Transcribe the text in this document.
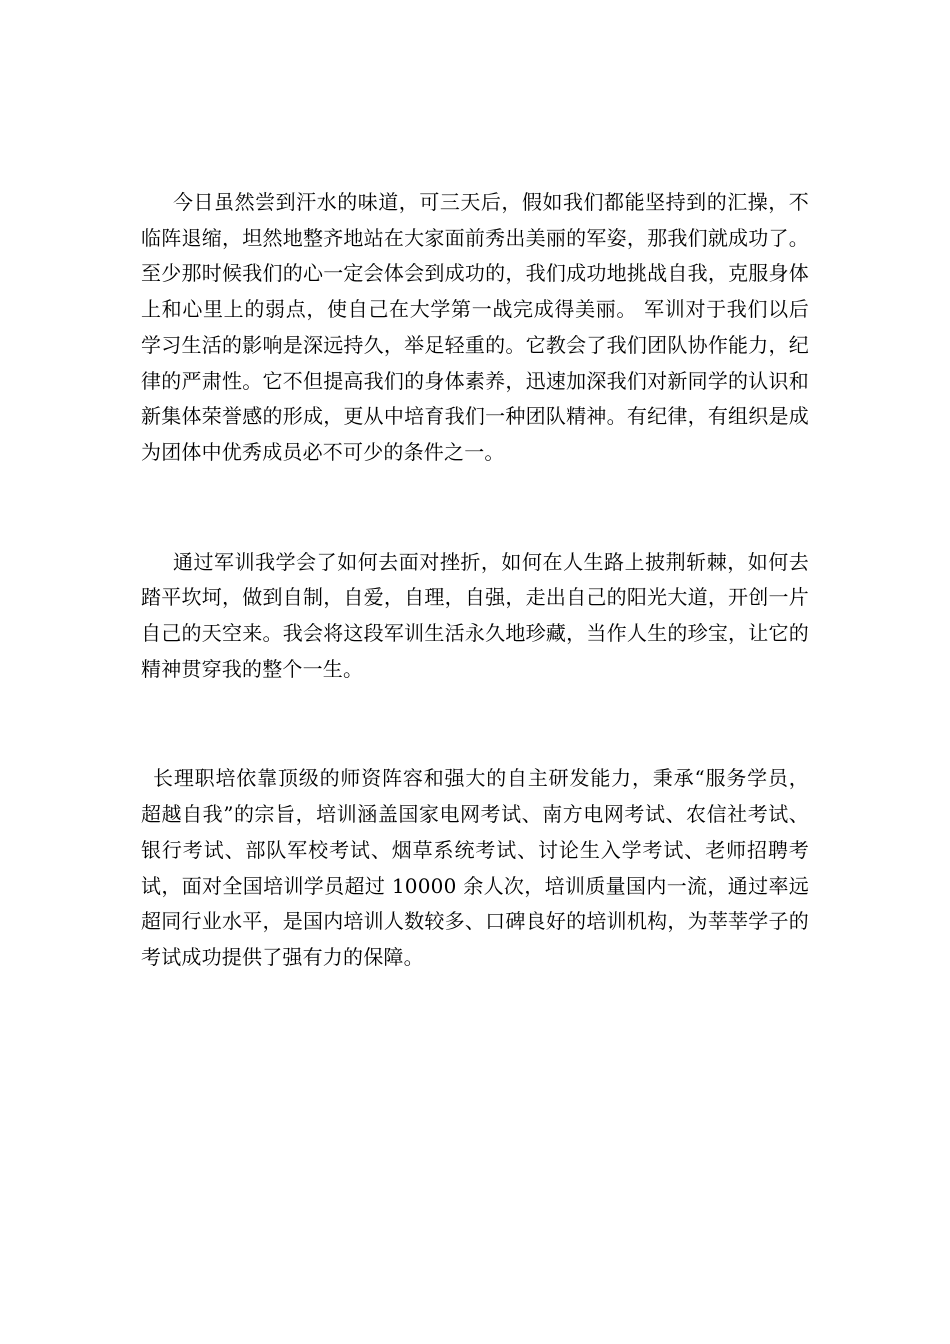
今日虽然尝到汗水的味道，可三天后，假如我们都能坚持到的汇操，不临阵退缩，坦然地整齐地站在大家面前秀出美丽的军姿，那我们就成功了。至少那时候我们的心一定会体会到成功的，我们成功地挑战自我，克服身体上和心里上的弱点，使自己在大学第一战完成得美丽。 军训对于我们以后学习生活的影响是深远持久，举足轻重的。它教会了我们团队协作能力，纪律的严肃性。它不但提高我们的身体素养，迅速加深我们对新同学的认识和新集体荣誉感的形成，更从中培育我们一种团队精神。有纪律，有组织是成为团体中优秀成员必不可少的条件之一。

通过军训我学会了如何去面对挫折，如何在人生路上披荆斩棘，如何去踏平坎坷，做到自制，自爱，自理，自强，走出自己的阳光大道，开创一片自己的天空来。我会将这段军训生活永久地珍藏，当作人生的珍宝，让它的精神贯穿我的整个一生。

长理职培依靠顶级的师资阵容和强大的自主研发能力，秉承“服务学员，超越自我”的宗旨，培训涵盖国家电网考试、南方电网考试、农信社考试、银行考试、部队军校考试、烟草系统考试、讨论生入学考试、老师招聘考试，面对全国培训学员超过 10000 余人次，培训质量国内一流，通过率远超同行业水平，是国内培训人数较多、口碑良好的培训机构，为莘莘学子的考试成功提供了强有力的保障。
